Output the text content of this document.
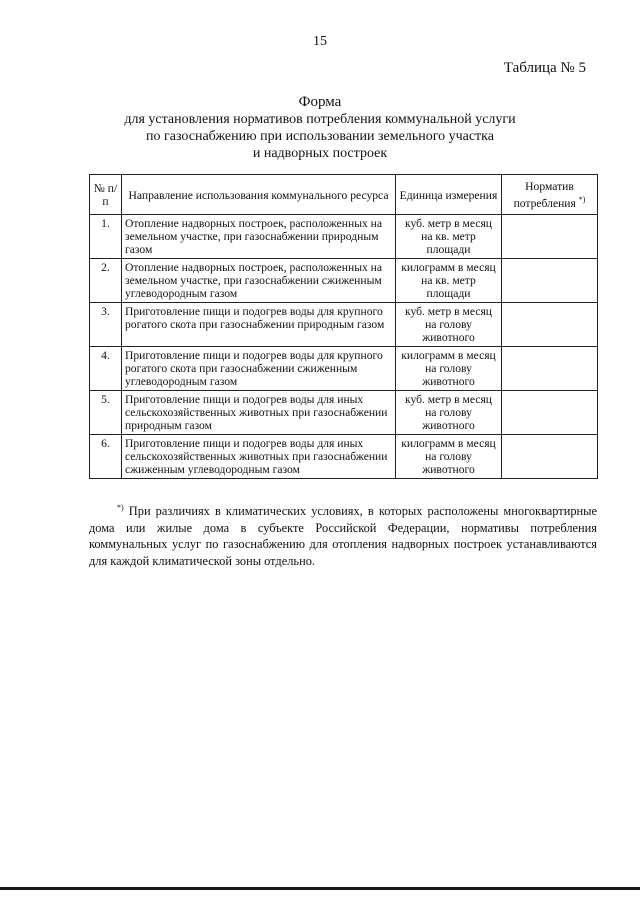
15
Таблица № 5
Форма
для установления нормативов потребления коммунальной услуги
по газоснабжению при использовании земельного участка
и надворных построек
№ п/п	Направление использования коммунального ресурса	Единица измерения	Норматив потребления *)
1.	Отопление надворных построек, расположенных на земельном участке, при газоснабжении природным газом	куб. метр в месяц на кв. метр площади	
2.	Отопление надворных построек, расположенных на земельном участке, при газоснабжении сжиженным углеводородным газом	килограмм в месяц на кв. метр площади	
3.	Приготовление пищи и подогрев воды для крупного рогатого скота при газоснабжении природным газом	куб. метр в месяц на голову животного	
4.	Приготовление пищи и подогрев воды для крупного рогатого скота при газоснабжении сжиженным углеводородным газом	килограмм в месяц на голову животного	
5.	Приготовление пищи и подогрев воды для иных сельскохозяйственных животных при газоснабжении природным газом	куб. метр в месяц на голову животного	
6.	Приготовление пищи и подогрев воды для иных сельскохозяйственных животных при газоснабжении сжиженным углеводородным газом	килограмм в месяц на голову животного	
*) При различиях в климатических условиях, в которых расположены многоквартирные дома или жилые дома в субъекте Российской Федерации, нормативы потребления коммунальных услуг по газоснабжению для отопления надворных построек устанавливаются для каждой климатической зоны отдельно.
